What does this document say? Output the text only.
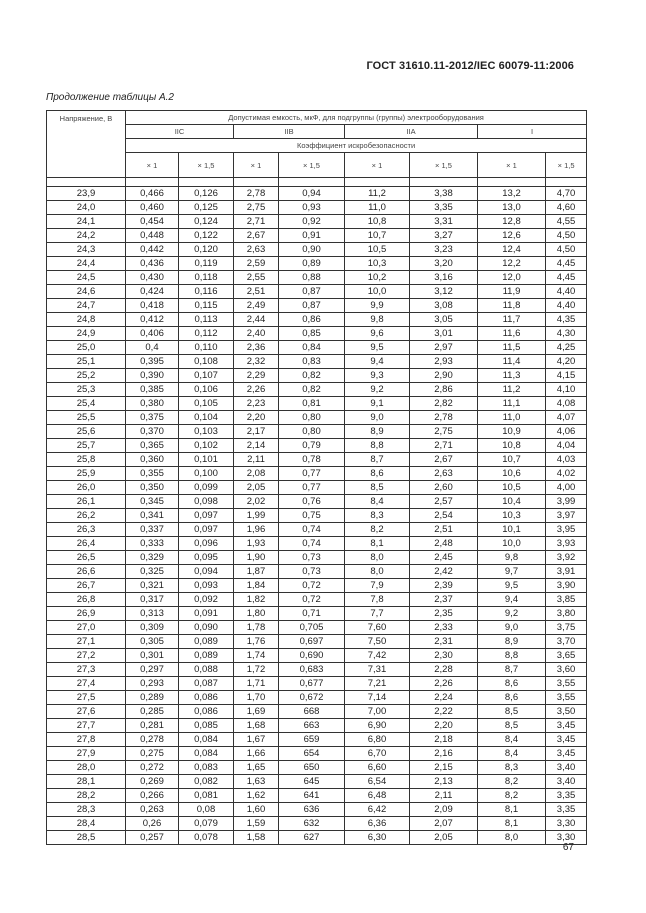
ГОСТ 31610.11-2012/IEC 60079-11:2006
Продолжение таблицы А.2
Напряжение, В	Допустимая емкость, мкФ, для подгруппы (группы) электрооборудования							
	IIC		IIB		IIA		I	
	Коэффициент искробезопасности							
	× 1	× 1,5	× 1	× 1,5	× 1	× 1,5	× 1	× 1,5

23,9	0,466	0,126	2,78	0,94	11,2	3,38	13,2	4,70
24,0	0,460	0,125	2,75	0,93	11,0	3,35	13,0	4,60
24,1	0,454	0,124	2,71	0,92	10,8	3,31	12,8	4,55
24,2	0,448	0,122	2,67	0,91	10,7	3,27	12,6	4,50
24,3	0,442	0,120	2,63	0,90	10,5	3,23	12,4	4,50
24,4	0,436	0,119	2,59	0,89	10,3	3,20	12,2	4,45
24,5	0,430	0,118	2,55	0,88	10,2	3,16	12,0	4,45
24,6	0,424	0,116	2,51	0,87	10,0	3,12	11,9	4,40
24,7	0,418	0,115	2,49	0,87	9,9	3,08	11,8	4,40
24,8	0,412	0,113	2,44	0,86	9,8	3,05	11,7	4,35
24,9	0,406	0,112	2,40	0,85	9,6	3,01	11,6	4,30
25,0	0,4	0,110	2,36	0,84	9,5	2,97	11,5	4,25
25,1	0,395	0,108	2,32	0,83	9,4	2,93	11,4	4,20
25,2	0,390	0,107	2,29	0,82	9,3	2,90	11,3	4,15
25,3	0,385	0,106	2,26	0,82	9,2	2,86	11,2	4,10
25,4	0,380	0,105	2,23	0,81	9,1	2,82	11,1	4,08
25,5	0,375	0,104	2,20	0,80	9,0	2,78	11,0	4,07
25,6	0,370	0,103	2,17	0,80	8,9	2,75	10,9	4,06
25,7	0,365	0,102	2,14	0,79	8,8	2,71	10,8	4,04
25,8	0,360	0,101	2,11	0,78	8,7	2,67	10,7	4,03
25,9	0,355	0,100	2,08	0,77	8,6	2,63	10,6	4,02
26,0	0,350	0,099	2,05	0,77	8,5	2,60	10,5	4,00
26,1	0,345	0,098	2,02	0,76	8,4	2,57	10,4	3,99
26,2	0,341	0,097	1,99	0,75	8,3	2,54	10,3	3,97
26,3	0,337	0,097	1,96	0,74	8,2	2,51	10,1	3,95
26,4	0,333	0,096	1,93	0,74	8,1	2,48	10,0	3,93
26,5	0,329	0,095	1,90	0,73	8,0	2,45	9,8	3,92
26,6	0,325	0,094	1,87	0,73	8,0	2,42	9,7	3,91
26,7	0,321	0,093	1,84	0,72	7,9	2,39	9,5	3,90
26,8	0,317	0,092	1,82	0,72	7,8	2,37	9,4	3,85
26,9	0,313	0,091	1,80	0,71	7,7	2,35	9,2	3,80
27,0	0,309	0,090	1,78	0,705	7,60	2,33	9,0	3,75
27,1	0,305	0,089	1,76	0,697	7,50	2,31	8,9	3,70
27,2	0,301	0,089	1,74	0,690	7,42	2,30	8,8	3,65
27,3	0,297	0,088	1,72	0,683	7,31	2,28	8,7	3,60
27,4	0,293	0,087	1,71	0,677	7,21	2,26	8,6	3,55
27,5	0,289	0,086	1,70	0,672	7,14	2,24	8,6	3,55
27,6	0,285	0,086	1,69	668	7,00	2,22	8,5	3,50
27,7	0,281	0,085	1,68	663	6,90	2,20	8,5	3,45
27,8	0,278	0,084	1,67	659	6,80	2,18	8,4	3,45
27,9	0,275	0,084	1,66	654	6,70	2,16	8,4	3,45
28,0	0,272	0,083	1,65	650	6,60	2,15	8,3	3,40
28,1	0,269	0,082	1,63	645	6,54	2,13	8,2	3,40
28,2	0,266	0,081	1,62	641	6,48	2,11	8,2	3,35
28,3	0,263	0,08	1,60	636	6,42	2,09	8,1	3,35
28,4	0,26	0,079	1,59	632	6,36	2,07	8,1	3,30
28,5	0,257	0,078	1,58	627	6,30	2,05	8,0	3,30
67
